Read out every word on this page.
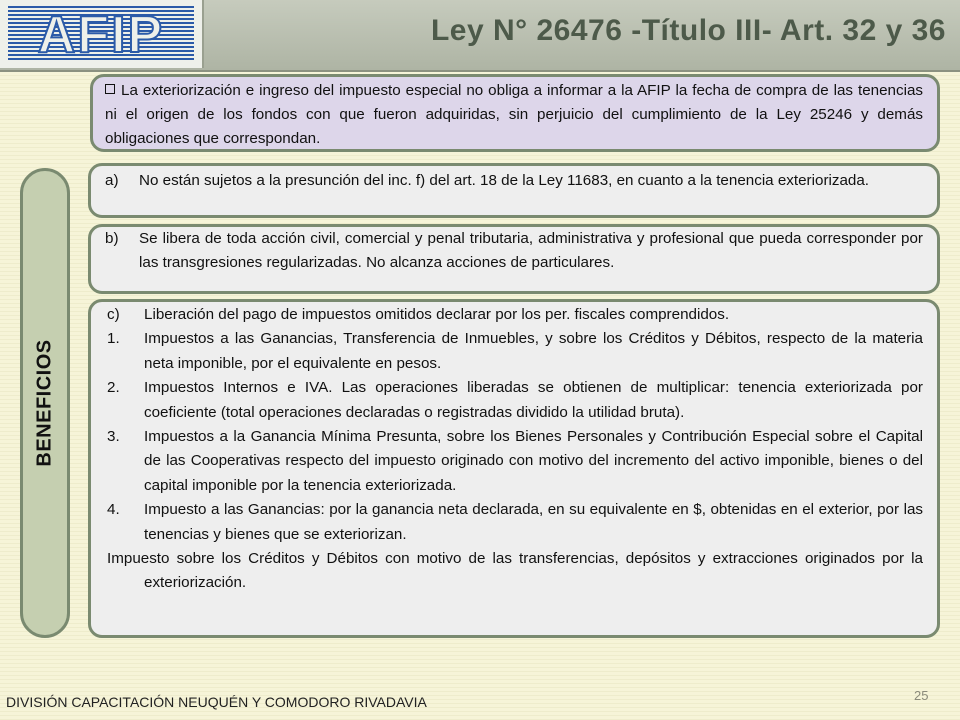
AFIP	Ley N° 26476 -Título III- Art. 32 y 36
La exteriorización e ingreso del impuesto especial no obliga a informar a la AFIP la fecha de compra de las tenencias ni el origen de los fondos con que fueron adquiridas, sin perjuicio del cumplimiento de la Ley 25246 y demás obligaciones que correspondan.
BENEFICIOS
a)	No están sujetos a la presunción del inc. f) del art. 18 de la Ley 11683, en cuanto a la tenencia exteriorizada.
b)	Se libera de toda acción civil, comercial y penal tributaria, administrativa y profesional que pueda corresponder por las transgresiones regularizadas. No alcanza acciones de particulares.
c)	Liberación del pago de impuestos omitidos declarar por los per. fiscales comprendidos.
1.	Impuestos a las Ganancias, Transferencia de Inmuebles, y sobre los Créditos y Débitos, respecto de la materia neta imponible, por el equivalente en pesos.
2.	Impuestos Internos e IVA. Las operaciones liberadas se obtienen de multiplicar: tenencia exteriorizada por coeficiente (total operaciones declaradas o registradas dividido la utilidad bruta).
3.	Impuestos a la Ganancia Mínima Presunta, sobre los Bienes Personales y Contribución Especial sobre el Capital de las Cooperativas respecto del impuesto originado con motivo del incremento del activo imponible, bienes o del capital imponible por la tenencia exteriorizada.
4.	Impuesto a las Ganancias: por la ganancia neta declarada, en su equivalente en $, obtenidas en el exterior, por las tenencias y bienes que se exteriorizan.
Impuesto sobre los Créditos y Débitos con motivo de las transferencias, depósitos y extracciones originados por la exteriorización.
DIVISIÓN CAPACITACIÓN NEUQUÉN Y COMODORO RIVADAVIA	25
